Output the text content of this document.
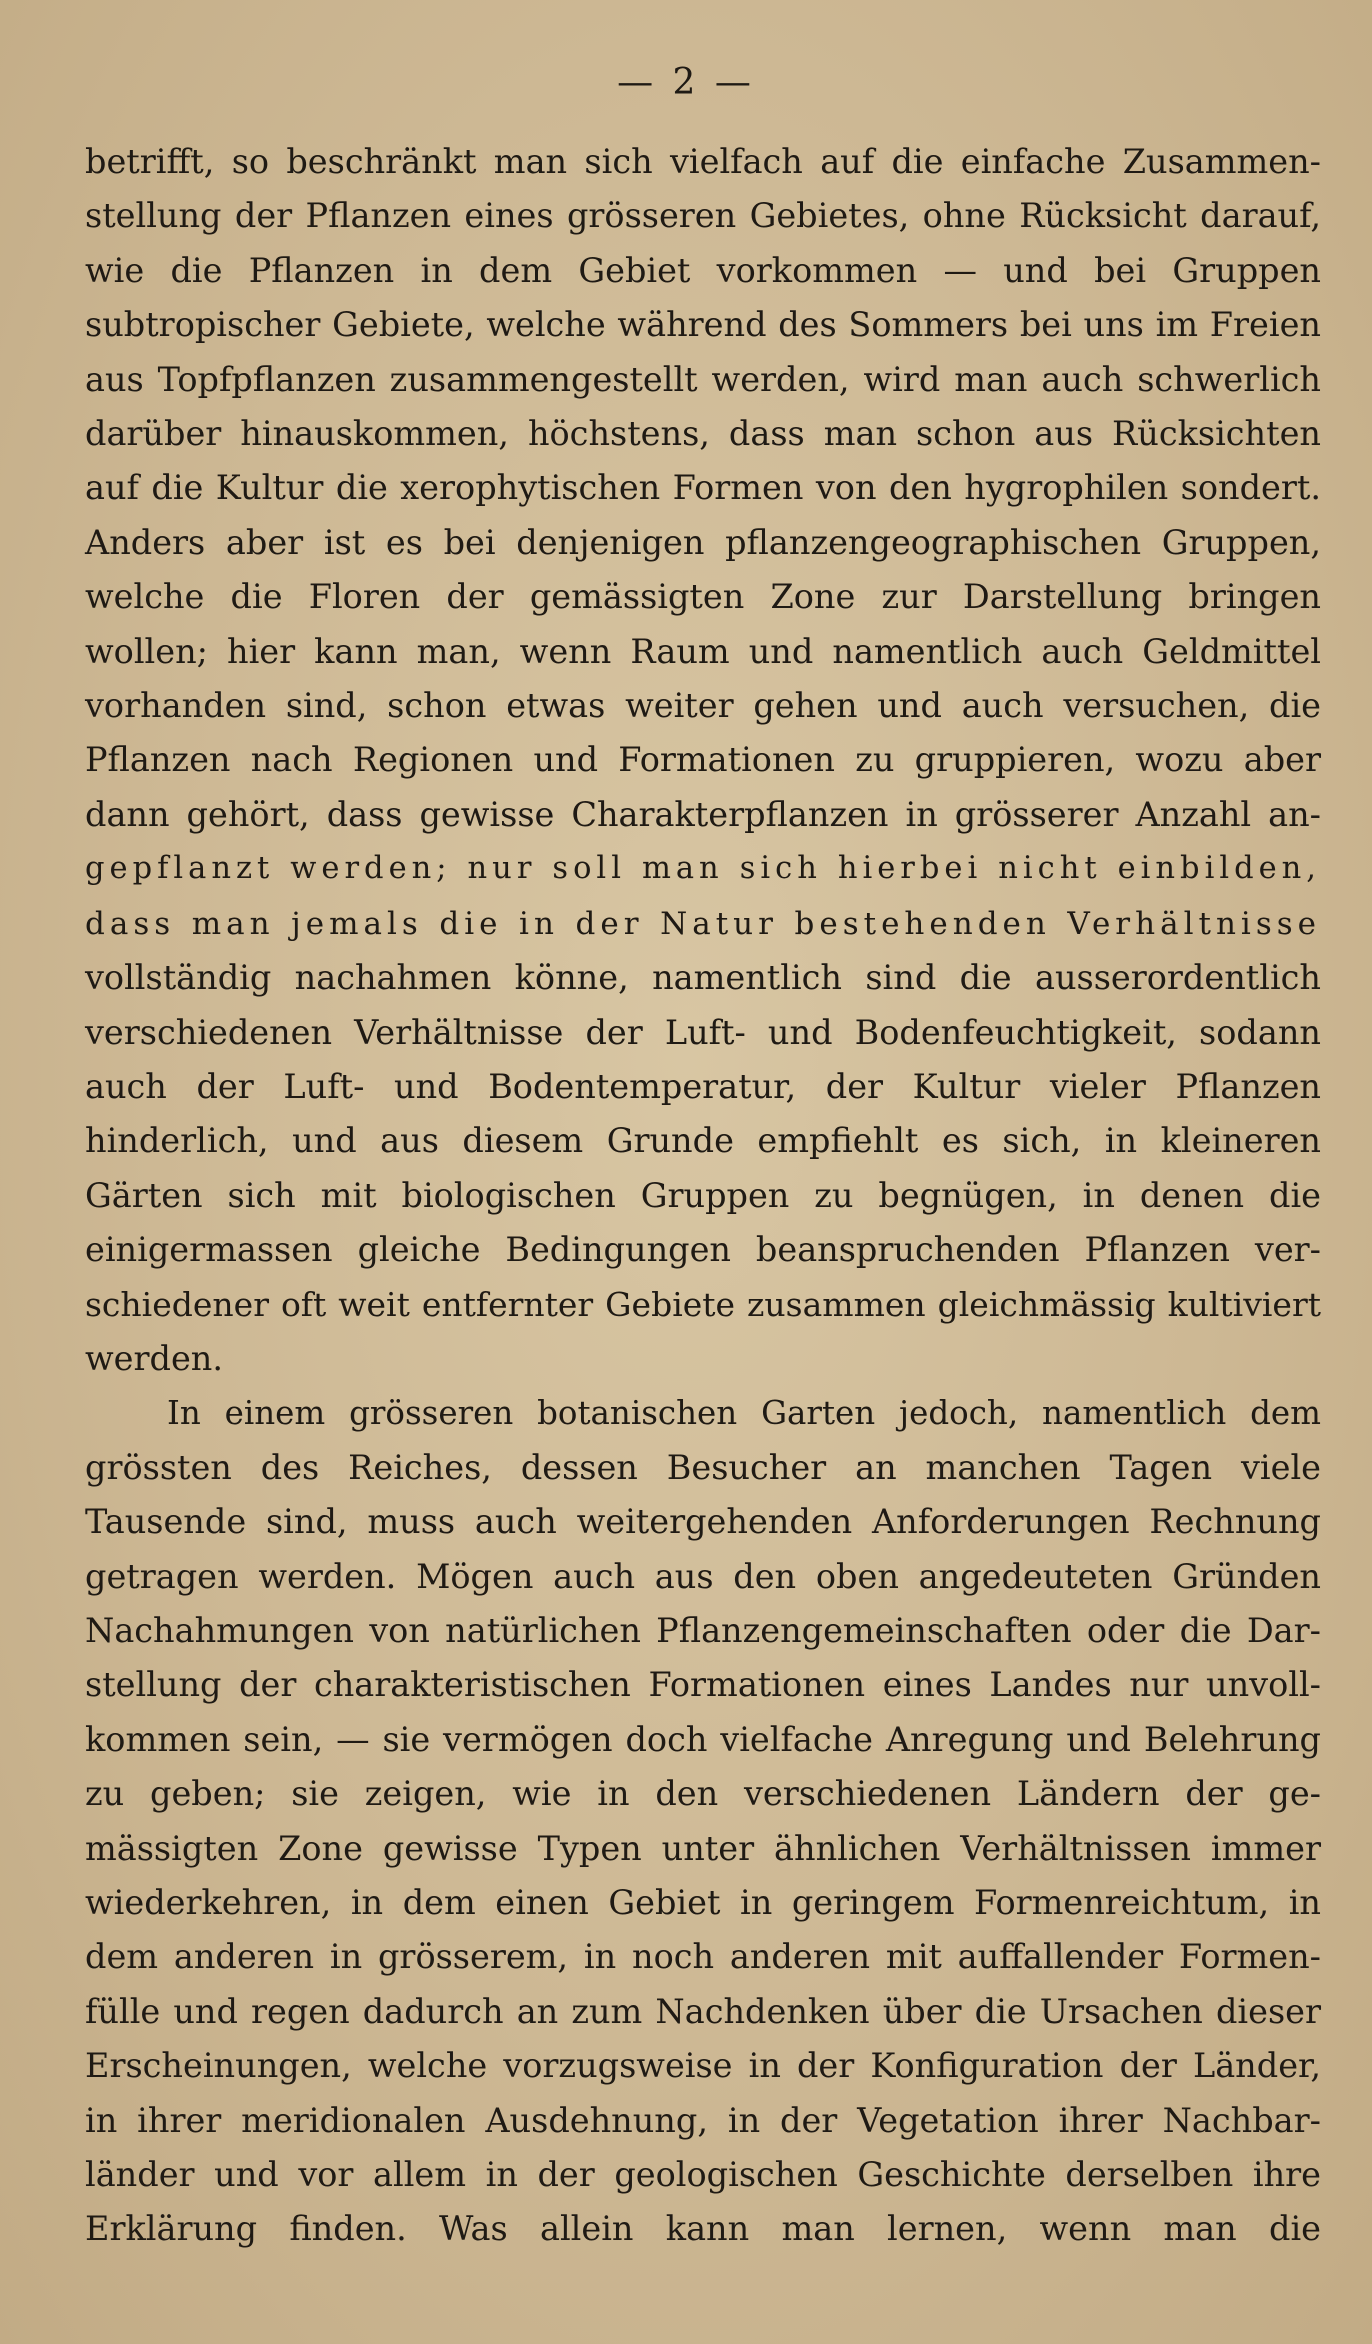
— 2 —

betrifft, so beschränkt man sich vielfach auf die einfache Zusammen-

stellung der Pflanzen eines grösseren Gebietes, ohne Rücksicht darauf,

wie die Pflanzen in dem Gebiet vorkommen — und bei Gruppen

subtropischer Gebiete, welche während des Sommers bei uns im Freien

aus Topfpflanzen zusammengestellt werden, wird man auch schwerlich

darüber hinauskommen, höchstens, dass man schon aus Rücksichten

auf die Kultur die xerophytischen Formen von den hygrophilen sondert.

Anders aber ist es bei denjenigen pflanzengeographischen Gruppen,

welche die Floren der gemässigten Zone zur Darstellung bringen

wollen; hier kann man, wenn Raum und namentlich auch Geldmittel

vorhanden sind, schon etwas weiter gehen und auch versuchen, die

Pflanzen nach Regionen und Formationen zu gruppieren, wozu aber

dann gehört, dass gewisse Charakterpflanzen in grösserer Anzahl an-

gepflanzt werden; nur soll man sich hierbei nicht einbilden,

dass man jemals die in der Natur bestehenden Verhältnisse

vollständig nachahmen könne, namentlich sind die ausserordentlich

verschiedenen Verhältnisse der Luft- und Bodenfeuchtigkeit, sodann

auch der Luft- und Bodentemperatur, der Kultur vieler Pflanzen

hinderlich, und aus diesem Grunde empfiehlt es sich, in kleineren

Gärten sich mit biologischen Gruppen zu begnügen, in denen die

einigermassen gleiche Bedingungen beanspruchenden Pflanzen ver-

schiedener oft weit entfernter Gebiete zusammen gleichmässig kultiviert

werden.

In einem grösseren botanischen Garten jedoch, namentlich dem

grössten des Reiches, dessen Besucher an manchen Tagen viele

Tausende sind, muss auch weitergehenden Anforderungen Rechnung

getragen werden. Mögen auch aus den oben angedeuteten Gründen

Nachahmungen von natürlichen Pflanzengemeinschaften oder die Dar-

stellung der charakteristischen Formationen eines Landes nur unvoll-

kommen sein, — sie vermögen doch vielfache Anregung und Belehrung

zu geben; sie zeigen, wie in den verschiedenen Ländern der ge-

mässigten Zone gewisse Typen unter ähnlichen Verhältnissen immer

wiederkehren, in dem einen Gebiet in geringem Formenreichtum, in

dem anderen in grösserem, in noch anderen mit auffallender Formen-

fülle und regen dadurch an zum Nachdenken über die Ursachen dieser

Erscheinungen, welche vorzugsweise in der Konfiguration der Länder,

in ihrer meridionalen Ausdehnung, in der Vegetation ihrer Nachbar-

länder und vor allem in der geologischen Geschichte derselben ihre

Erklärung finden. Was allein kann man lernen, wenn man die
